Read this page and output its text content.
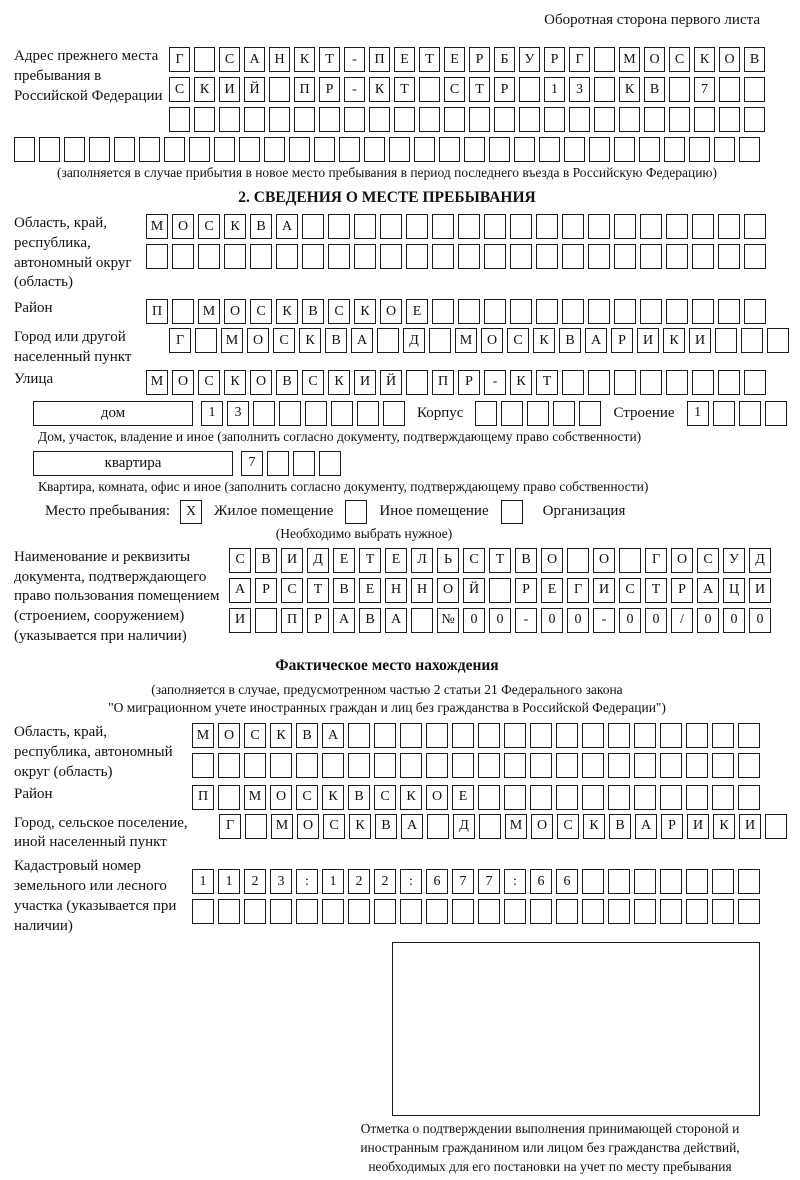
Оборотная сторона первого листа
Адрес прежнего места пребывания в Российской Федерации
Г	С	А	Н	К	Т	-	П	Е	Т	Е	Р	Б	У	Р	Г	М О	С	К	О	В
С	К	И	Й	П	Р	-	К	Т	С	Т	Р	1	3	К	В	7
(заполняется в случае прибытия в новое место пребывания в период последнего въезда в Российскую Федерацию)
2. СВЕДЕНИЯ О МЕСТЕ ПРЕБЫВАНИЯ
Область, край, республика, автономный округ (область)
М	О	С	К	В	А
Район	П	М	О	С	К	В	С	К	О	Е
Город или другой населенный пункт
Г	М	О	С	К	В	А	Д	М	О	С	К	В	А	Р	И	К	И
Улица	М	О	С	К	О	В	С	К	И	Й	П	Р	-	К	Т
дом	1	3	Корпус	Строение	1
Дом, участок, владение и иное (заполнить согласно документу, подтверждающему право собственности)
квартира	7
Квартира, комната, офис и иное (заполнить согласно документу, подтверждающему право собственности)
Место пребывания:	X	Жилое помещение	Иное помещение	Организация
(Необходимо выбрать нужное)
Наименование и реквизиты документа, подтверждающего право пользования помещением (строением, сооружением) (указывается при наличии)
С	В	И	Д	Е	Т	Е	Л	Ь	С	Т	В	О	О	Г	О	С	У	Д
А	Р	С	Т	В	Е	Н	Н	О	Й	Р	Е	Г	И	С	Т	Р	А	Ц	И
И	П	Р	А	В	А	№	0	0	-	0	0	-	0	0	/	0	0	0
Фактическое место нахождения
(заполняется в случае, предусмотренном частью 2 статьи 21 Федерального закона
"О миграционном учете иностранных граждан и лиц без гражданства в Российской Федерации")
Область, край, республика, автономный округ (область)
М	О	С	К	В	А
Район	П	М	О	С	К	В	С	К	О	Е
Город, сельское поселение, иной населенный пункт
Г	М	О	С	К	В	А	Д	М	О	С	К	В	А	Р	И	К	И
Кадастровый номер земельного или лесного участка (указывается при наличии)
1	1	2	3	:	1	2	2	:	6	7	7	:	6	6
Отметка о подтверждении выполнения принимающей стороной и иностранным гражданином или лицом без гражданства действий, необходимых для его постановки на учет по месту пребывания
